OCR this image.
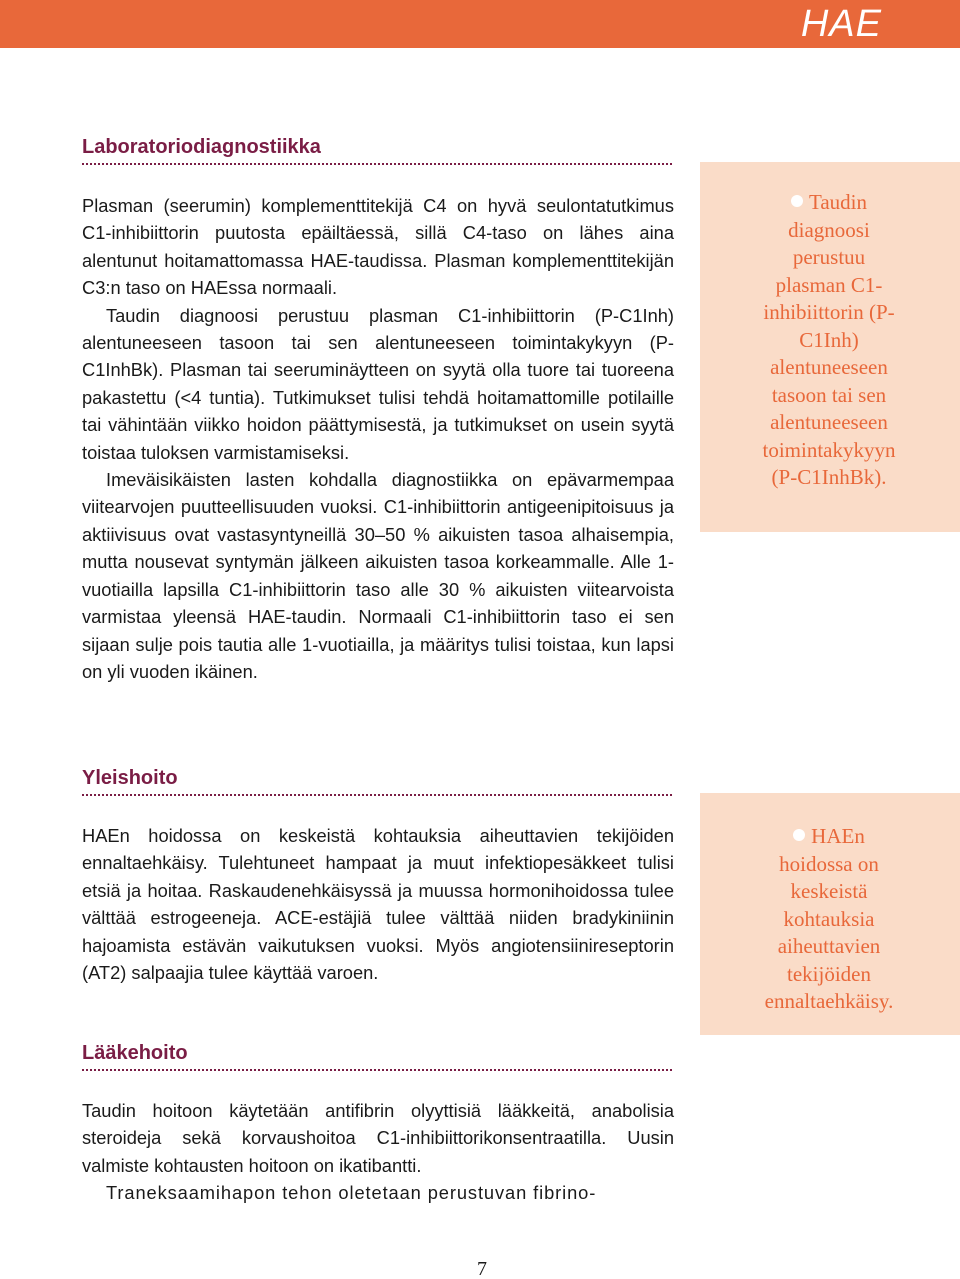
HAE
Laboratoriodiagnostiikka

Plasman (seerumin) komplementtitekijä C4 on hyvä seulontatutkimus C1-inhibiittorin puutosta epäiltäessä, sillä C4-taso on lähes aina alentunut hoitamattomassa HAE-taudissa. Plasman komplementtitekijän C3:n taso on HAEssa normaali.

Taudin diagnoosi perustuu plasman C1-inhibiittorin (P-C1Inh) alentuneeseen tasoon tai sen alentuneeseen toimintakykyyn (P-C1InhBk). Plasman tai seeruminäytteen on syytä olla tuore tai tuoreena pakastettu (<4 tuntia). Tutkimukset tulisi tehdä hoitamattomille potilaille tai vähintään viikko hoidon päättymisestä, ja tutkimukset on usein syytä toistaa tuloksen varmistamiseksi.

Imeväisikäisten lasten kohdalla diagnostiikka on epävarmempaa viitearvojen puutteellisuuden vuoksi. C1-inhibiittorin antigeenipitoisuus ja aktiivisuus ovat vastasyntyneillä 30–50 % aikuisten tasoa alhaisempia, mutta nousevat syntymän jälkeen aikuisten tasoa korkeammalle. Alle 1-vuotiailla lapsilla C1-inhibiittorin taso alle 30 % aikuisten viitearvoista varmistaa yleensä HAE-taudin. Normaali C1-inhibiittorin taso ei sen sijaan sulje pois tautia alle 1-vuotiailla, ja määritys tulisi toistaa, kun lapsi on yli vuoden ikäinen.

Taudin diagnoosi perustuu plasman C1-inhibiittorin (P-C1Inh) alentuneeseen tasoon tai sen alentuneeseen toimintakykyyn (P-C1InhBk).
Yleishoito

HAEn hoidossa on keskeistä kohtauksia aiheuttavien tekijöiden ennaltaehkäisy. Tulehtuneet hampaat ja muut infektiopesäkkeet tulisi etsiä ja hoitaa. Raskaudenehkäisyssä ja muussa hormonihoidossa tulee välttää estrogeeneja. ACE-estäjiä tulee välttää niiden bradykiniinin hajoamista estävän vaikutuksen vuoksi. Myös angiotensiinireseptorin (AT2) salpaajia tulee käyttää varoen.

HAEn hoidossa on keskeistä kohtauksia aiheuttavien tekijöiden ennaltaehkäisy.
Lääkehoito

Taudin hoitoon käytetään antifibrin olyyttisiä lääkkeitä, anabolisia steroideja sekä korvaushoitoa C1-inhibiittorikonsentraatilla. Uusin valmiste kohtausten hoitoon on ikatibantti.

Traneksaamihapon tehon oletetaan perustuvan fibrino-

7
